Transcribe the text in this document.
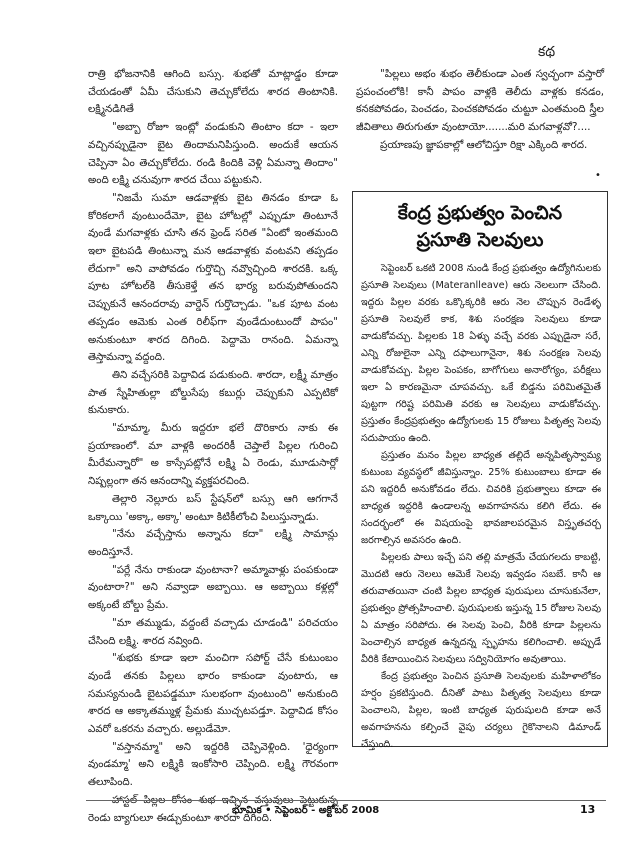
కథ

రాత్రి భోజనానికి ఆగింది బస్సు. శుభతో మాట్లాడ్డం కూడా చేయడంతో ఏమీ చేసుకుని తెచ్చుకోలేదు శారద తింటానికి. లక్ష్మినడిగితే

"అబ్బా రోజూ ఇంట్లో వండుకుని తింటాం కదా - ఇలా వచ్చినప్పుడైనా బైట తిందామనిపిస్తుంది. అందుకే ఆయన చెప్పినా ఏం తెచ్చుకోలేదు. రండి కిందికి వెళ్లి ఏమన్నా తిందాం" అంది లక్ష్మి చనువుగా శారద చేయి పట్టుకుని.

"నిజమే సుమా ఆడవాళ్లకు బైట తినడం కూడా ఓ కోరికలాగే వుంటుందేమో, బైట హోటల్లో ఎప్పుడూ తింటూనే వుండే మగవాళ్లకు చూసి తన ఫ్రెండ్ సరిత "ఏంటో ఇంతమంది ఇలా బైటపడి తింటున్నా మన ఆడవాళ్లకు వంటవని తప్పడం లేదుగా" అని వాపోవడం గుర్తొచ్చి నవ్వొచ్చింది శారదకి. ఒక్క పూట హోటల్‌కి తీసుకెళ్తే తన భార్య బరువుపోతుందని చెప్పుకునే ఆనందరావు వార్డెన్ గుర్తొచ్చాడు. "ఒక పూట వంట తప్పడం ఆమెకు ఎంత రిలీఫ్‌గా వుండేదుంటుందో పాపం" అనుకుంటూ శారద దిగింది. పెద్దామె రానంది. ఏమన్నా తెస్తామన్నా వద్దంది.

తిని వచ్చేసరికి పెద్దావిడ పడుకుంది. శారదా, లక్ష్మీ మాత్రం పాత స్నేహితుల్లా బోల్డుసేపు కబుర్లు చెప్పుకుని ఎప్పటికో కునుకారు.

"మామ్మా, మీరు ఇద్దరూ భలే దొరికారు నాకు ఈ ప్రయాణంలో. మా వాళ్లకి అందరికీ చెప్తాలే పిల్లల గురించి మీరేమన్నారో" అ కాస్సేపట్లోనే లక్ష్మి ఏ రెండు, మూడుసార్లో నిష్పల్లంగా తన ఆనందాన్ని వ్యక్తపరచింది.

తెల్లారి నెల్లూరు బస్ స్టేషన్‌లో బస్సు ఆగి ఆగగానే ఒక్కాయి 'అక్కా, అక్కా' అంటూ కిటికీలోంచి పిలుస్తున్నాడు.

"నేను వచ్చేస్తాను అన్నాను కదా" లక్ష్మి సామాన్లు అందిస్తూనే.

"పర్లే నేను రాకుండా వుంటానా? అమ్మావాళ్లు పంపకుండా వుంటారా?" అని నవ్వాడా అబ్బాయి. ఆ అబ్బాయి కళ్లల్లో అక్కంటే బోల్డు ప్రేమ.

"మా తమ్ముడు, వద్దంటే వచ్చాడు చూడండి" పరిచయం చేసింది లక్ష్మి. శారద నవ్వింది.

"శుభకు కూడా ఇలా మంచిగా సపోర్ట్ చేసే కుటుంబం వుండే తనకు పిల్లలు భారం కాకుండా వుంటారు, ఆ సమస్యనుండి బైటపడ్డమూ సులభంగా వుంటుంది" అనుకుంది శారద ఆ అక్కాతమ్ముళ్ల ప్రేమకు ముచ్చటపడ్తూ. పెద్దావిడ కోసం ఎవరో ఒకరను వచ్చారు. అల్లుడేమో.

"వస్తానమ్మా" అని ఇద్దరికి చెప్పివెళ్లింది. 'ధైర్యంగా వుండమ్మా' అని లక్ష్మికి ఇంకోసారి చెప్పింది. లక్ష్మి గౌరవంగా తలూపింది.

హాస్టల్ పిల్లల కోసం శుభ ఇచ్చిన వస్తువులు పెట్టుకున్న రెండు బ్యాగులూ ఈడ్చుకుంటూ శారదా దిగింది.

"పిల్లలు అభం శుభం తెలీకుండా ఎంత స్వచ్ఛంగా వస్తారో ప్రపంచంలోకి! కానీ పాపం వాళ్లకి తెలీదు వాళ్లకు కనడం, కనకపోవడం, పెంచడం, పెంచకపోవడం చుట్టూ ఎంతమంది స్త్రీల జీవితాలు తిరుగుతూ వుంటాయో.......మరి మగవాళ్లవో?....

ప్రయాణపు జ్ఞాపకాల్లో ఆలోచిస్తూ రిక్షా ఎక్కింది శారద.

•
కేంద్ర ప్రభుత్వం పెంచిన
ప్రసూతి సెలవులు

సెప్టెంబర్ ఒకటి 2008 నుండి కేంద్ర ప్రభుత్వం ఉద్యోగినులకు ప్రసూతి సెలవులు (Materanlleave) ఆరు నెలలుగా చేసింది. ఇద్దరు పిల్లల వరకు ఒక్కొక్కరికి ఆరు నెల చొప్పున రెండేళ్ళ ప్రసూతి సెలవులే కాక, శిశు సంరక్షణ సెలవులు కూడా వాడుకోవచ్చు. పిల్లలకు 18 ఏళ్ళు వచ్చే వరకు ఎప్పుడైనా సరే, ఎన్ని రోజులైనా ఎన్ని దఫాలుగానైనా, శిశు సంరక్షణ సెలవు వాడుకోవచ్చు. పిల్లల పెంపకం, బాగోగులు అనారోగ్యం, పరీక్షలు ఇలా ఏ కారణమైనా చూపవచ్చు. ఒకే బిడ్డను పరిమితమైతే పుట్టగా గరిష్ట పరిమితి వరకు ఆ సెలవులు వాడుకోవచ్చు. ప్రస్తుతం కేంద్రప్రభుత్వం ఉద్యోగులకు 15 రోజులు పితృత్వ సెలవు సదుపాయం ఉంది.

ప్రస్తుతం మనం పిల్లల బాధ్యత తల్లిదే అన్నపితృస్వామ్య కుటుంబ వ్యవస్థలో జీవిస్తున్నాం. 25% కుటుంబాలు కూడా ఈ పని ఇద్దరిదీ అనుకోవడం లేదు. చివరికి ప్రభుత్వాలు కూడా ఈ బాధ్యత ఇద్దరికి ఉండాలన్న అవగాహనను కలిగి లేదు. ఈ సందర్భంలో ఈ విషయంపై భావజాలపరమైన విస్తృతచర్చ జరగాల్సిన అవసరం ఉంది.

పిల్లలకు పాలు ఇచ్చే పని తల్లి మాత్రమే చేయగలదు కాబట్టి, మొదటి ఆరు నెలలు ఆమెకే సెలవు ఇవ్వడం సబబే. కానీ ఆ తరువాతయినా చంటి పిల్లల బాధ్యత పురుషులు చూసుకునేలా, ప్రభుత్వం ప్రోత్సహించాలి. పురుషులకు ఇస్తున్న 15 రోజుల సెలవు ఏ మాత్రం సరిపోదు. ఈ సెలవు పెంచి, వీరికి కూడా పిల్లలను పెంచాల్సిన బాధ్యత ఉన్నదన్న స్పృహను కలిగించాలి. అప్పుడే వీరికి కేటాయించిన సెలవులు సద్వినియోగం అవుతాయి.

కేంద్ర ప్రభుత్వం పెంచిన ప్రసూతి సెలవులకు మహిళాలోకం హర్షం ప్రకటిస్తుంది. దీనితో పాటు పితృత్వ సెలవులు కూడా పెంచాలని, పిల్లల, ఇంటి బాధ్యత పురుషులది కూడా అనే అవగాహనను కల్పించే వైపు చర్యలు గైకొనాలని డిమాండ్ చేస్తుంది.

భూమిక • సెప్టెంబర్ - అక్టోబర్ 2008	13
